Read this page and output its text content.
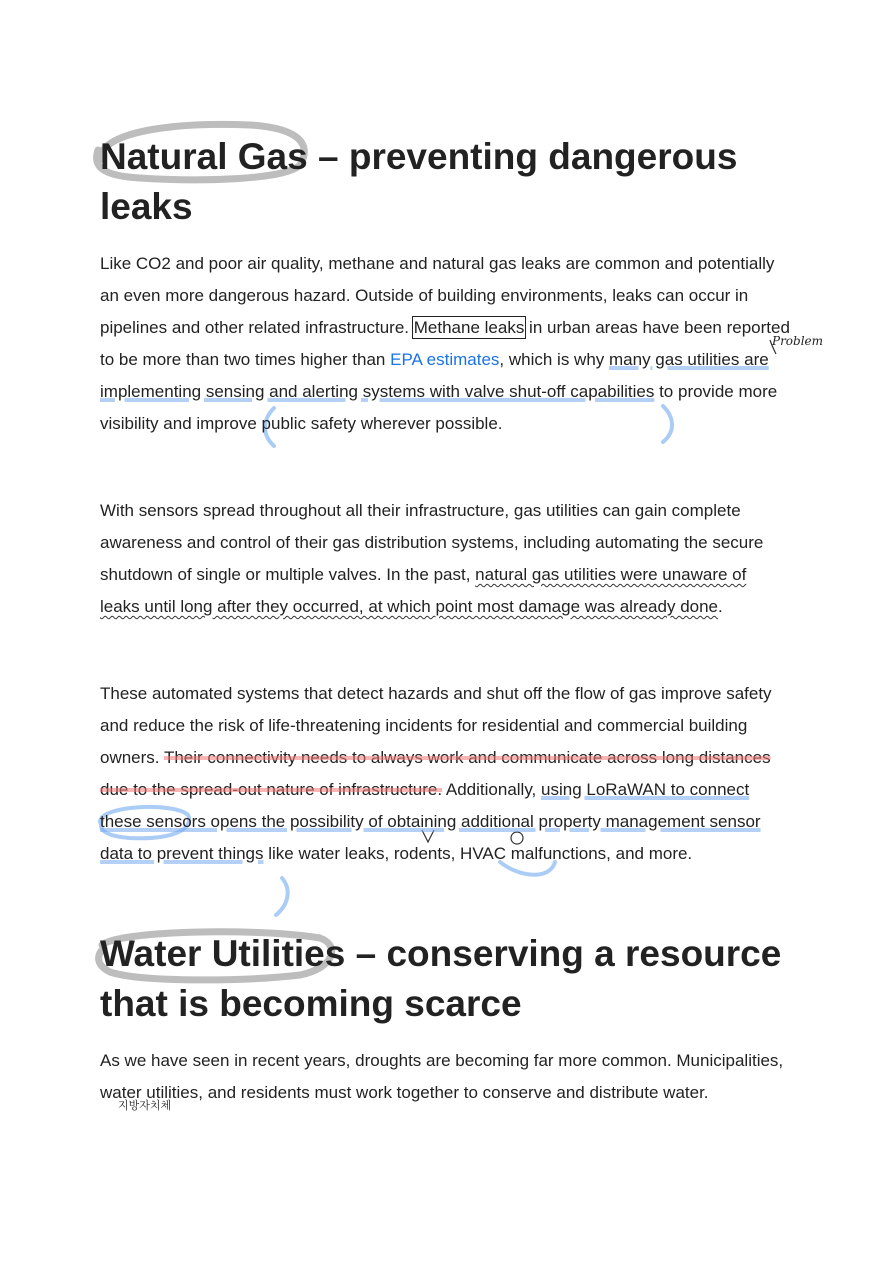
Natural Gas – preventing dangerous leaks

Like CO2 and poor air quality, methane and natural gas leaks are common and potentially an even more dangerous hazard. Outside of building environments, leaks can occur in pipelines and other related infrastructure. Methane leaks in urban areas have been reported to be more than two times higher than EPA estimates, which is why many gas utilities are implementing sensing and alerting systems with valve shut-off capabilities to provide more visibility and improve public safety wherever possible.

With sensors spread throughout all their infrastructure, gas utilities can gain complete awareness and control of their gas distribution systems, including automating the secure shutdown of single or multiple valves. In the past, natural gas utilities were unaware of leaks until long after they occurred, at which point most damage was already done.

These automated systems that detect hazards and shut off the flow of gas improve safety and reduce the risk of life-threatening incidents for residential and commercial building owners. Their connectivity needs to always work and communicate across long distances due to the spread-out nature of infrastructure. Additionally, using LoRaWAN to connect these sensors opens the possibility of obtaining additional property management sensor data to prevent things like water leaks, rodents, HVAC malfunctions, and more.

Water Utilities – conserving a resource that is becoming scarce

As we have seen in recent years, droughts are becoming far more common. Municipalities, water utilities, and residents must work together to conserve and distribute water.

Problem
지방자치체
